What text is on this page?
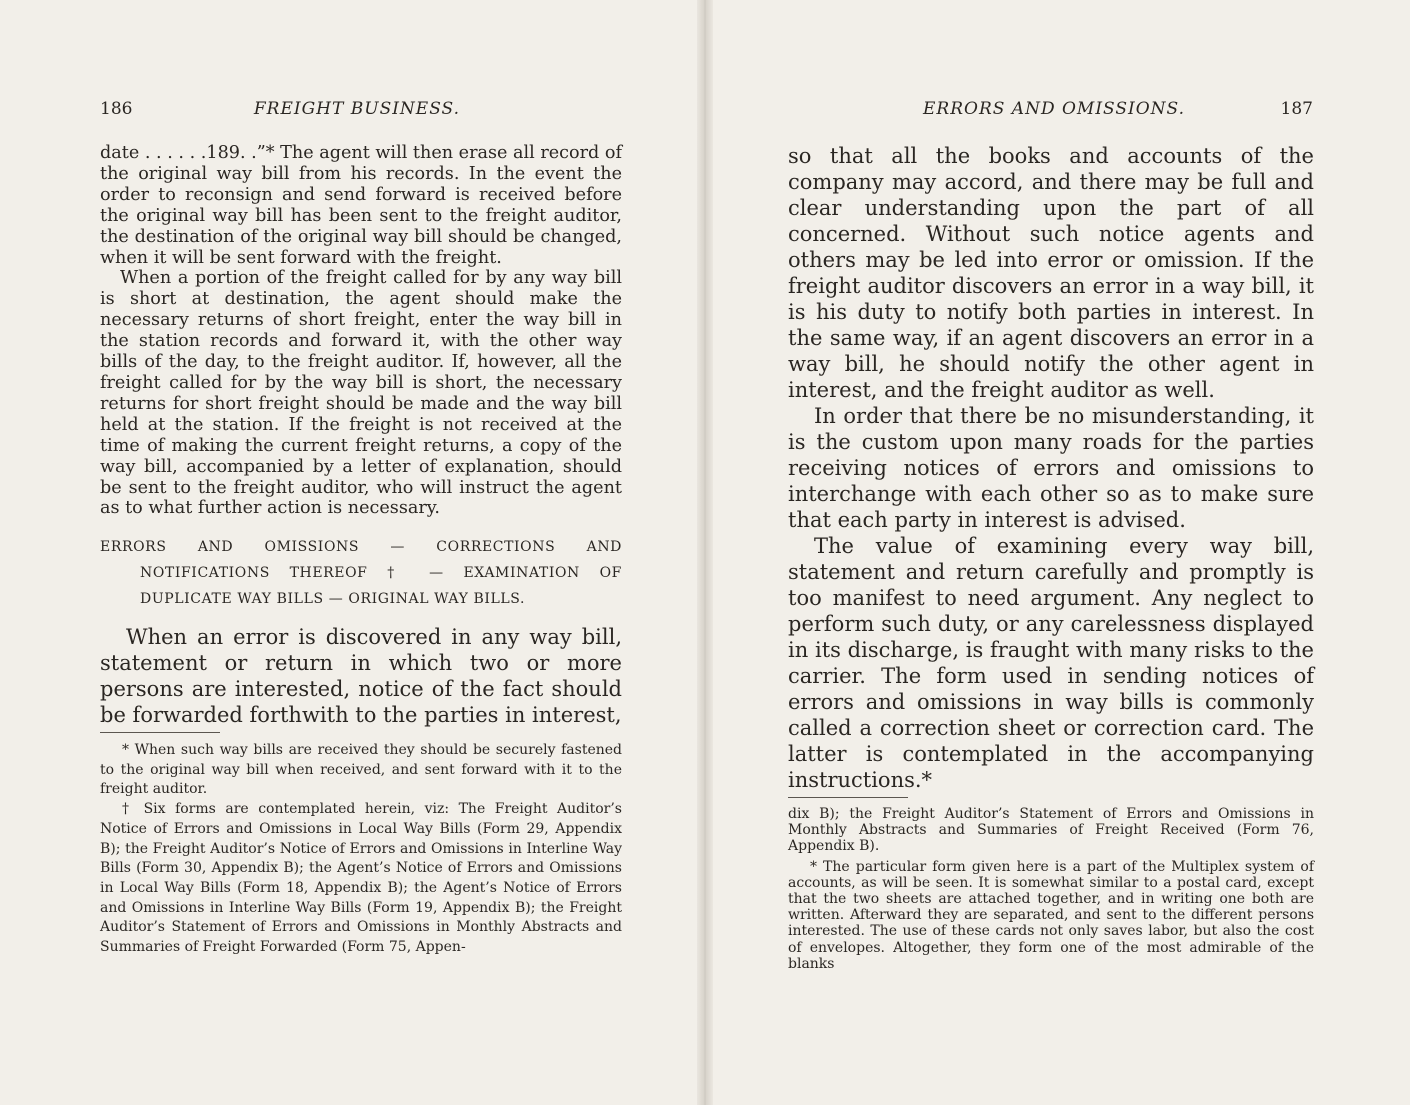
186	FREIGHT BUSINESS.

date . . . . . .189. .”* The agent will then erase all record of the original way bill from his records. In the event the order to reconsign and send forward is received before the original way bill has been sent to the freight auditor, the destination of the original way bill should be changed, when it will be sent forward with the freight.

When a portion of the freight called for by any way bill is short at destination, the agent should make the necessary returns of short freight, enter the way bill in the station records and forward it, with the other way bills of the day, to the freight auditor. If, however, all the freight called for by the way bill is short, the necessary returns for short freight should be made and the way bill held at the station. If the freight is not received at the time of making the current freight returns, a copy of the way bill, accompanied by a letter of explanation, should be sent to the freight auditor, who will instruct the agent as to what further action is necessary.

ERRORS AND OMISSIONS — CORRECTIONS AND NOTIFICATIONS THEREOF † — EXAMINATION OF DUPLICATE WAY BILLS — ORIGINAL WAY BILLS.

When an error is discovered in any way bill, statement or return in which two or more persons are interested, notice of the fact should be forwarded forthwith to the parties in interest,

* When such way bills are received they should be securely fastened to the original way bill when received, and sent forward with it to the freight auditor.

† Six forms are contemplated herein, viz: The Freight Auditor’s Notice of Errors and Omissions in Local Way Bills (Form 29, Appendix B); the Freight Auditor’s Notice of Errors and Omissions in Interline Way Bills (Form 30, Appendix B); the Agent’s Notice of Errors and Omissions in Local Way Bills (Form 18, Appendix B); the Agent’s Notice of Errors and Omissions in Interline Way Bills (Form 19, Appendix B); the Freight Auditor’s Statement of Errors and Omissions in Monthly Abstracts and Summaries of Freight Forwarded (Form 75, Appen-

ERRORS AND OMISSIONS.	187

so that all the books and accounts of the company may accord, and there may be full and clear understanding upon the part of all concerned. Without such notice agents and others may be led into error or omission. If the freight auditor discovers an error in a way bill, it is his duty to notify both parties in interest. In the same way, if an agent discovers an error in a way bill, he should notify the other agent in interest, and the freight auditor as well.

In order that there be no misunderstanding, it is the custom upon many roads for the parties receiving notices of errors and omissions to interchange with each other so as to make sure that each party in interest is advised.

The value of examining every way bill, statement and return carefully and promptly is too manifest to need argument. Any neglect to perform such duty, or any carelessness displayed in its discharge, is fraught with many risks to the carrier. The form used in sending notices of errors and omissions in way bills is commonly called a correction sheet or correction card. The latter is contemplated in the accompanying instructions.*

dix B); the Freight Auditor’s Statement of Errors and Omissions in Monthly Abstracts and Summaries of Freight Received (Form 76, Appendix B).

* The particular form given here is a part of the Multiplex system of accounts, as will be seen. It is somewhat similar to a postal card, except that the two sheets are attached together, and in writing one both are written. Afterward they are separated, and sent to the different persons interested. The use of these cards not only saves labor, but also the cost of envelopes. Altogether, they form one of the most admirable of the blanks
